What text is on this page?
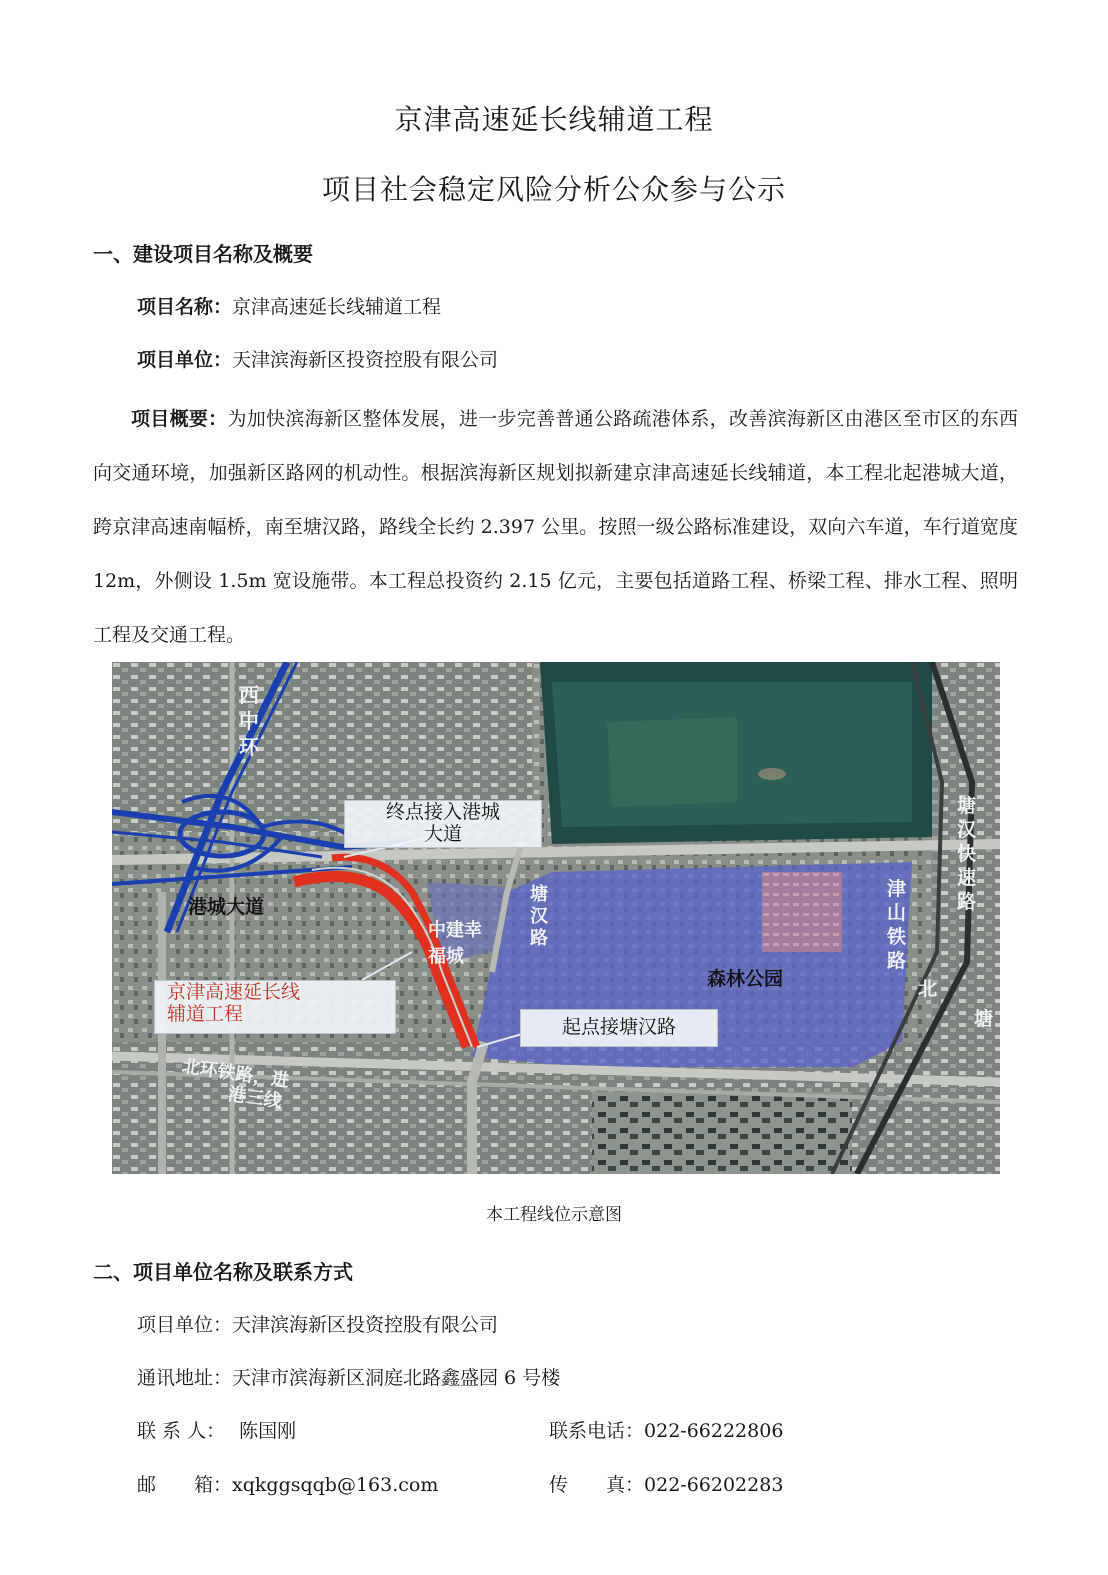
京津高速延长线辅道工程
项目社会稳定风险分析公众参与公示
一、建设项目名称及概要
项目名称：京津高速延长线辅道工程
项目单位：天津滨海新区投资控股有限公司
项目概要：为加快滨海新区整体发展，进一步完善普通公路疏港体系，改善滨海新区由港区至市区的东西向交通环境，加强新区路网的机动性。根据滨海新区规划拟新建京津高速延长线辅道，本工程北起港城大道，跨京津高速南幅桥，南至塘汉路，路线全长约 2.397 公里。按照一级公路标准建设，双向六车道，车行道宽度 12m，外侧设 1.5m 宽设施带。本工程总投资约 2.15 亿元，主要包括道路工程、桥梁工程、排水工程、照明工程及交通工程。
终点接入港城
大道
京津高速延长线
辅道工程
起点接塘汉路
西中环
港城大道
中建幸
福城
塘汉路
森林公园
津山铁路
塘汉快速路
北
塘
北环铁路，进
港三线
本工程线位示意图
二、项目单位名称及联系方式
项目单位：天津滨海新区投资控股有限公司
通讯地址：天津市滨海新区洞庭北路鑫盛园 6 号楼
联 系 人： 陈国刚	联系电话：022-66222806
邮　　箱：xqkggsqqb@163.com	传　　真：022-66202283
